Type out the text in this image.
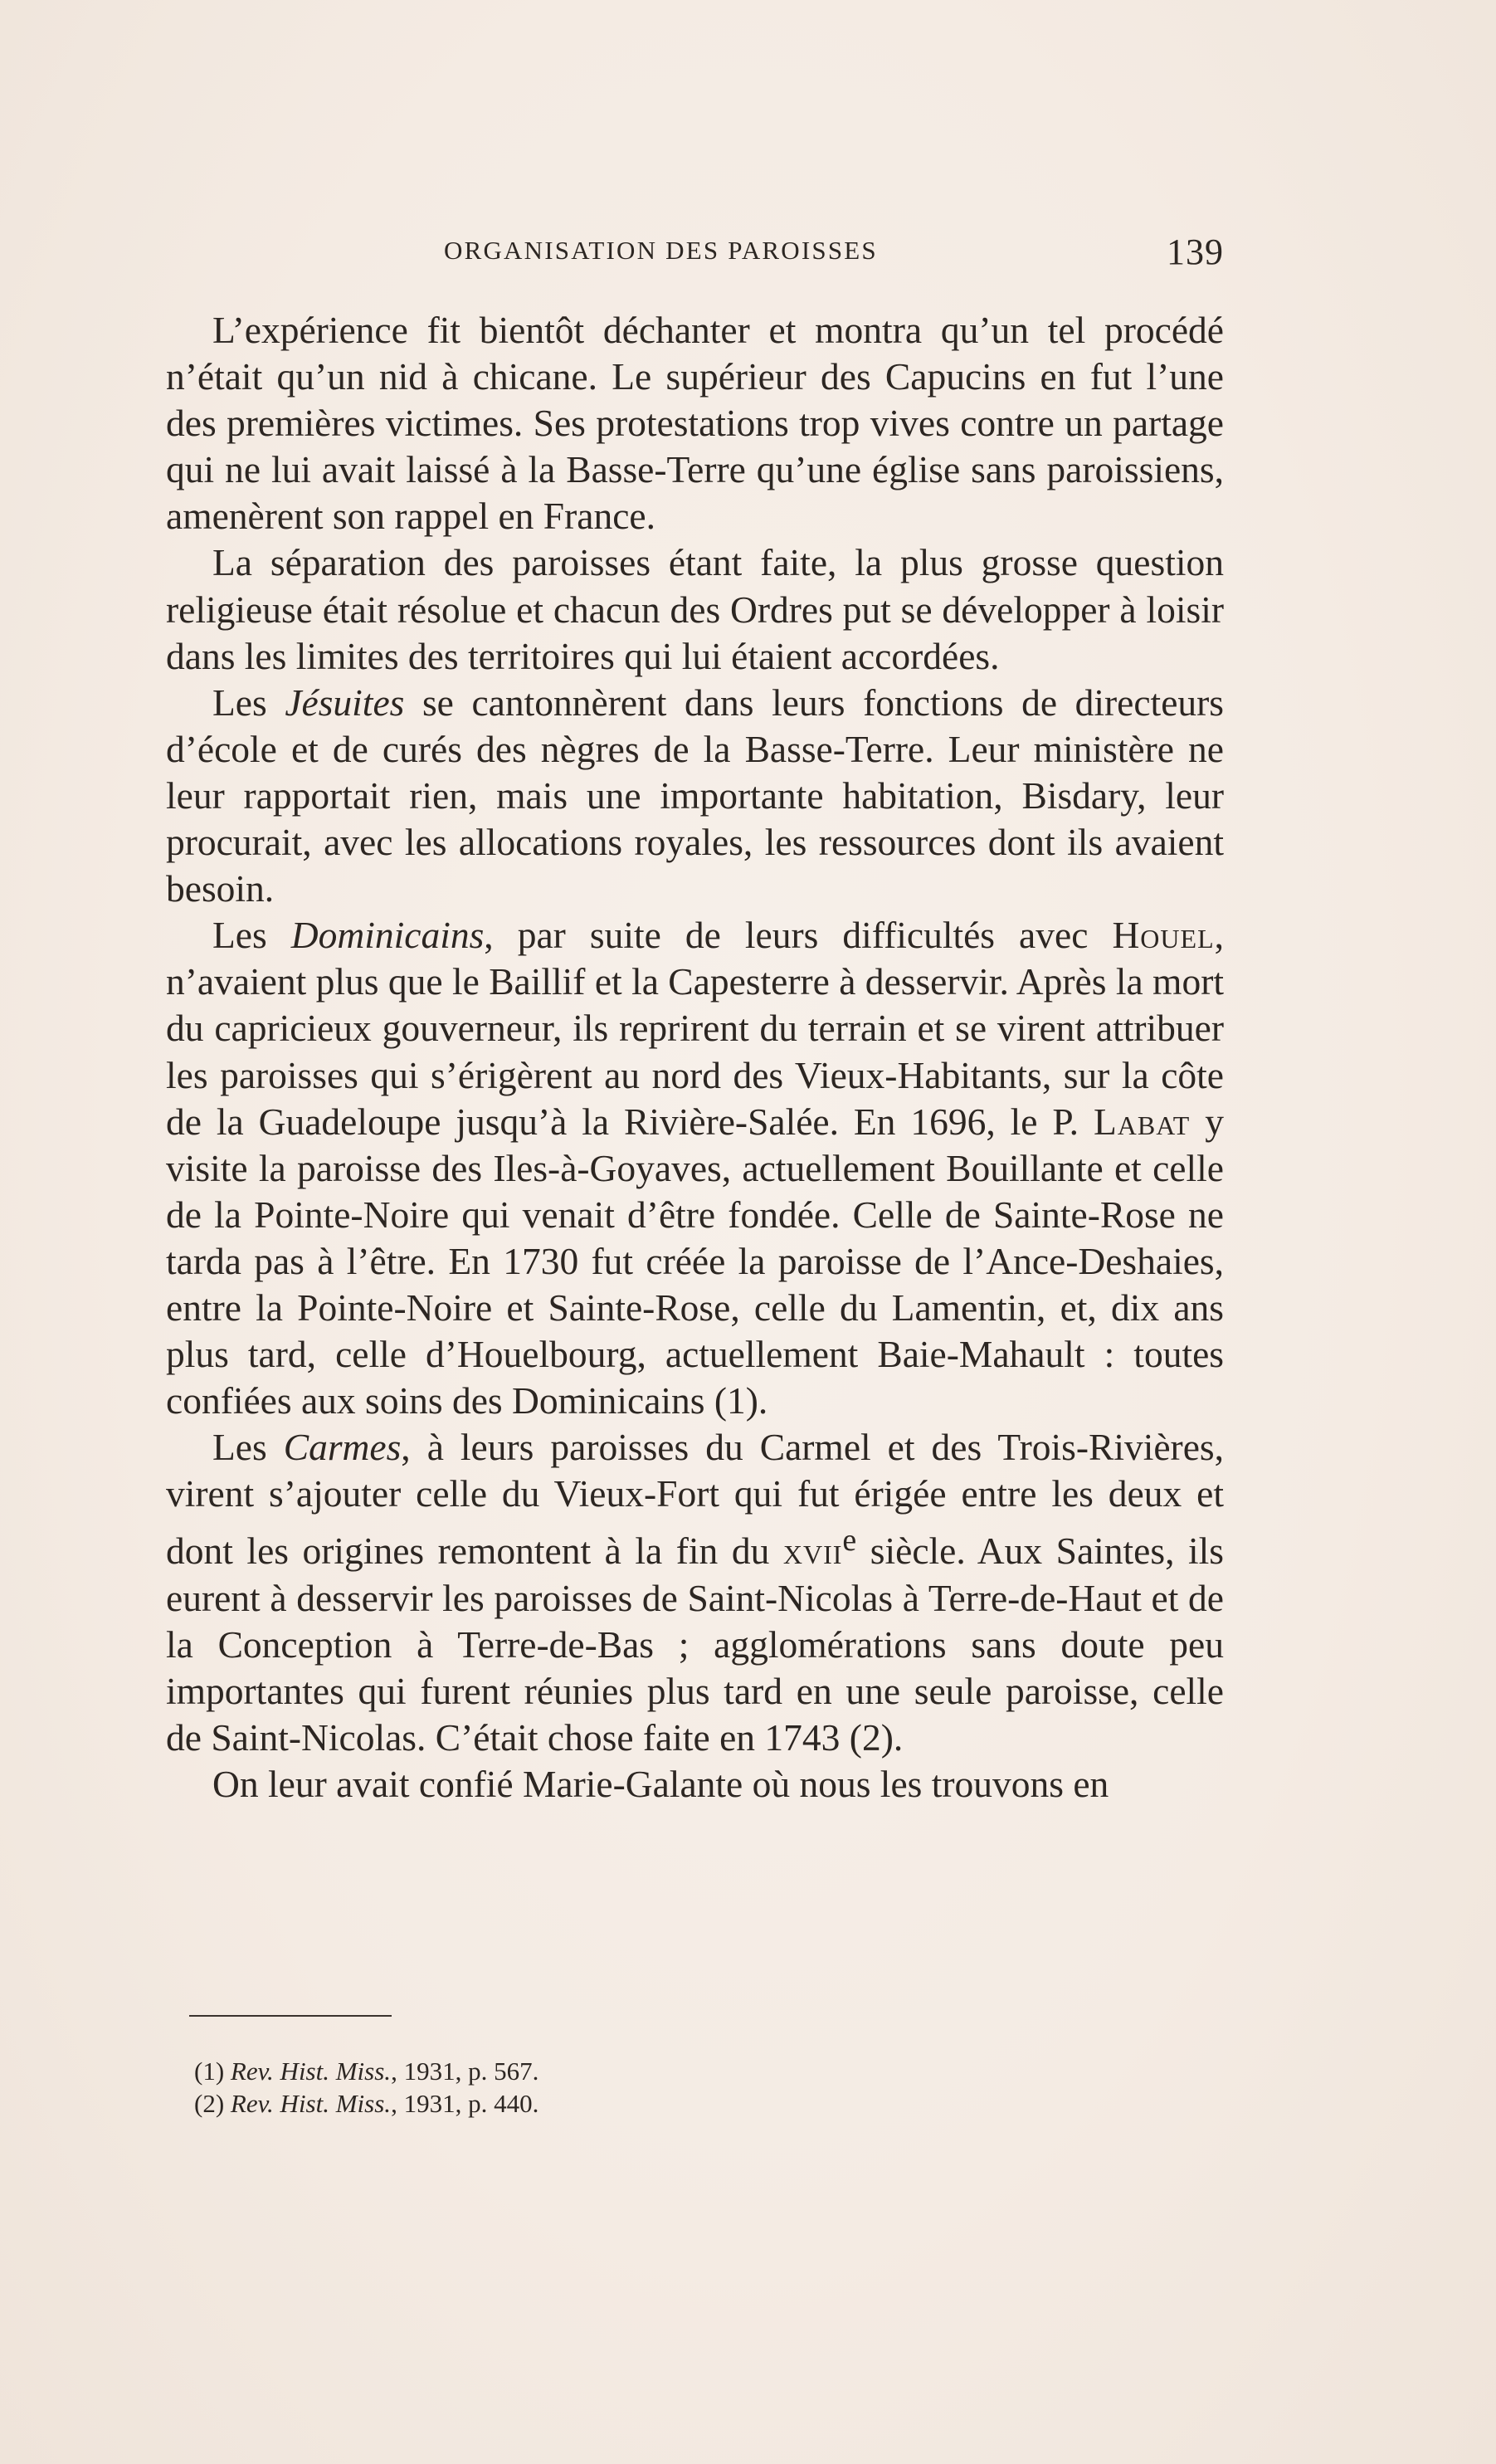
ORGANISATION DES PAROISSES	139

L’expérience fit bientôt déchanter et montra qu’un tel procédé n’était qu’un nid à chicane. Le supérieur des Capucins en fut l’une des premières victimes. Ses protestations trop vives contre un partage qui ne lui avait laissé à la Basse-Terre qu’une église sans paroissiens, amenèrent son rappel en France.

La séparation des paroisses étant faite, la plus grosse question religieuse était résolue et chacun des Ordres put se développer à loisir dans les limites des territoires qui lui étaient accordées.

Les Jésuites se cantonnèrent dans leurs fonctions de directeurs d’école et de curés des nègres de la Basse-Terre. Leur ministère ne leur rapportait rien, mais une importante habitation, Bisdary, leur procurait, avec les allocations royales, les ressources dont ils avaient besoin.

Les Dominicains, par suite de leurs difficultés avec Houel, n’avaient plus que le Baillif et la Capesterre à desservir. Après la mort du capricieux gouverneur, ils reprirent du terrain et se virent attribuer les paroisses qui s’érigèrent au nord des Vieux-Habitants, sur la côte de la Guadeloupe jusqu’à la Rivière-Salée. En 1696, le P. Labat y visite la paroisse des Iles-à-Goyaves, actuellement Bouillante et celle de la Pointe-Noire qui venait d’être fondée. Celle de Sainte-Rose ne tarda pas à l’être. En 1730 fut créée la paroisse de l’Ance-Deshaies, entre la Pointe-Noire et Sainte-Rose, celle du Lamentin, et, dix ans plus tard, celle d’Houelbourg, actuellement Baie-Mahault : toutes confiées aux soins des Dominicains (1).

Les Carmes, à leurs paroisses du Carmel et des Trois-Rivières, virent s’ajouter celle du Vieux-Fort qui fut érigée entre les deux et dont les origines remontent à la fin du xvii$^e$ siècle. Aux Saintes, ils eurent à desservir les paroisses de Saint-Nicolas à Terre-de-Haut et de la Conception à Terre-de-Bas ; agglomérations sans doute peu importantes qui furent réunies plus tard en une seule paroisse, celle de Saint-Nicolas. C’était chose faite en 1743 (2).

On leur avait confié Marie-Galante où nous les trouvons en

(1) Rev. Hist. Miss., 1931, p. 567.
(2) Rev. Hist. Miss., 1931, p. 440.
